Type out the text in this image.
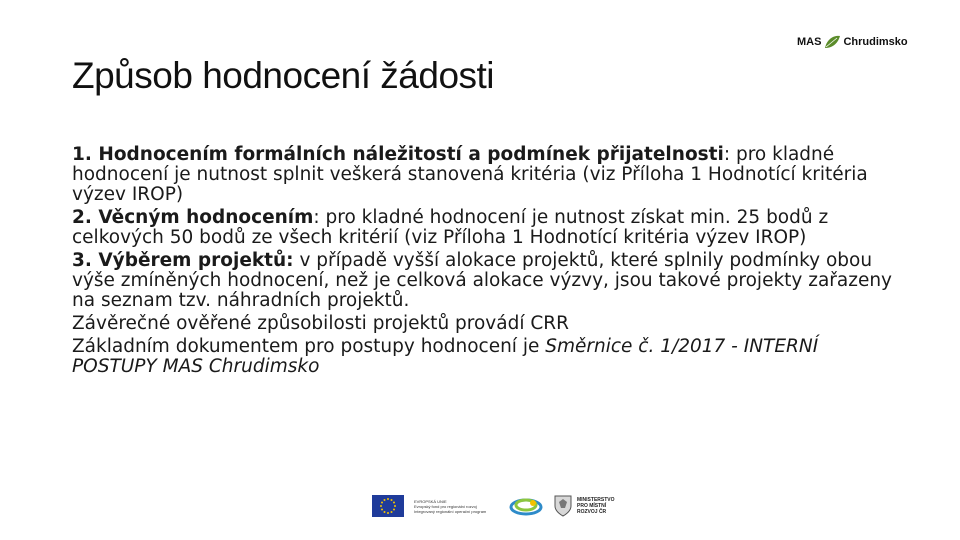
MAS Chrudimsko
Způsob hodnocení žádosti

1. Hodnocením formálních náležitostí a podmínek přijatelnosti: pro kladné hodnocení je nutnost splnit veškerá stanovená kritéria (viz Příloha 1 Hodnotící kritéria výzev IROP)

2. Věcným hodnocením: pro kladné hodnocení je nutnost získat min. 25 bodů z celkových 50 bodů ze všech kritérií (viz Příloha 1 Hodnotící kritéria výzev IROP)

3. Výběrem projektů: v případě vyšší alokace projektů, které splnily podmínky obou výše zmíněných hodnocení, než je celková alokace výzvy, jsou takové projekty zařazeny na seznam tzv. náhradních projektů.

Závěrečné ověřené způsobilosti projektů provádí CRR

Základním dokumentem pro postupy hodnocení je Směrnice č. 1/2017 - INTERNÍ POSTUPY MAS Chrudimsko

EVROPSKÁ UNIE
Evropský fond pro regionální rozvoj
Integrovaný regionální operační program
MINISTERSTVO
PRO MÍSTNÍ
ROZVOJ ČR
